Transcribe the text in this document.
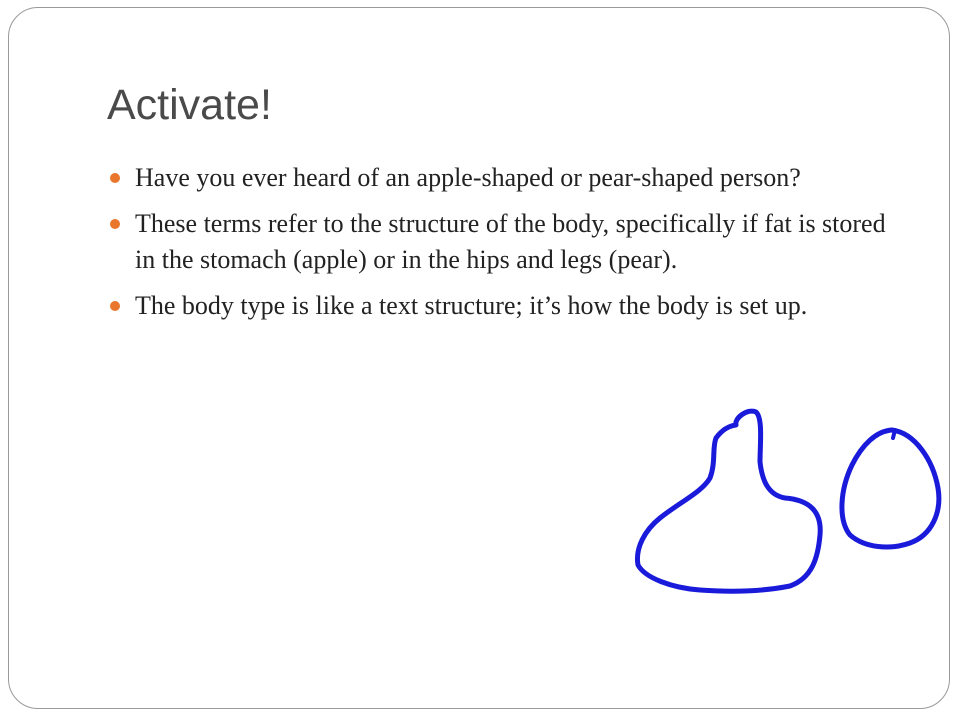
Activate!
Have you ever heard of an apple-shaped or pear-shaped person?
These terms refer to the structure of the body, specifically if fat is stored in the stomach (apple) or in the hips and legs (pear).
The body type is like a text structure; it’s how the body is set up.
